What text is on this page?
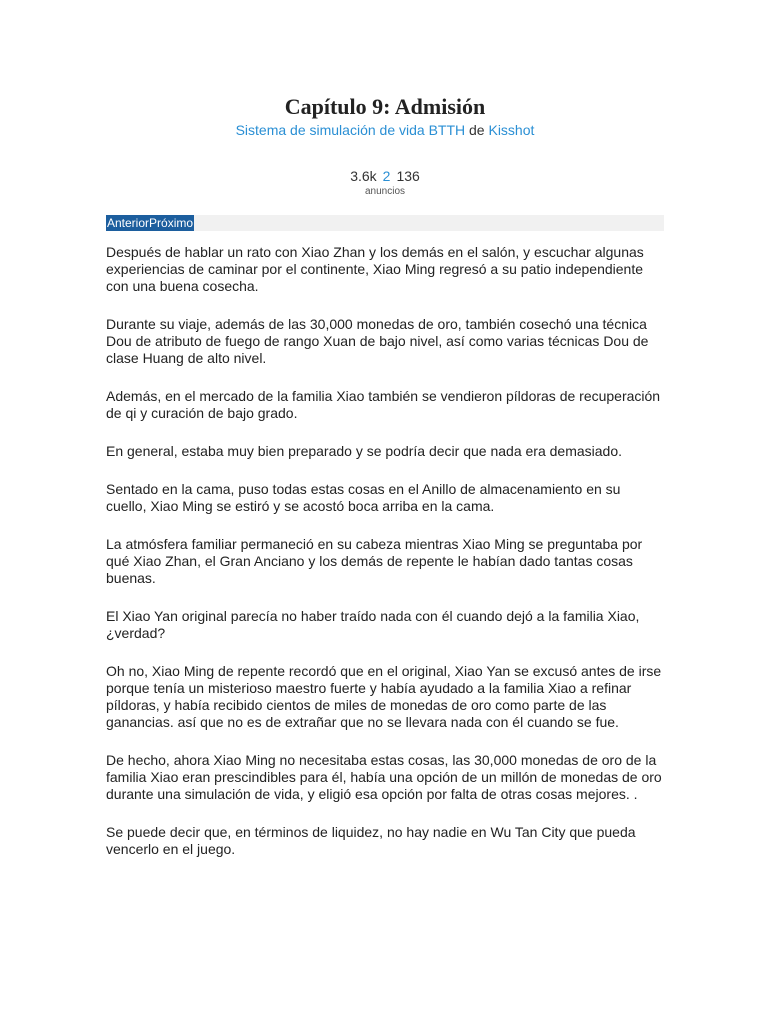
Capítulo 9: Admisión
Sistema de simulación de vida BTTH de Kisshot
3.6k 2 136
anuncios
AnteriorPróximo

Después de hablar un rato con Xiao Zhan y los demás en el salón, y escuchar algunas experiencias de caminar por el continente, Xiao Ming regresó a su patio independiente con una buena cosecha.

Durante su viaje, además de las 30,000 monedas de oro, también cosechó una técnica Dou de atributo de fuego de rango Xuan de bajo nivel, así como varias técnicas Dou de clase Huang de alto nivel.

Además, en el mercado de la familia Xiao también se vendieron píldoras de recuperación de qi y curación de bajo grado.

En general, estaba muy bien preparado y se podría decir que nada era demasiado.

Sentado en la cama, puso todas estas cosas en el Anillo de almacenamiento en su cuello, Xiao Ming se estiró y se acostó boca arriba en la cama.

La atmósfera familiar permaneció en su cabeza mientras Xiao Ming se preguntaba por qué Xiao Zhan, el Gran Anciano y los demás de repente le habían dado tantas cosas buenas.

El Xiao Yan original parecía no haber traído nada con él cuando dejó a la familia Xiao, ¿verdad?

Oh no, Xiao Ming de repente recordó que en el original, Xiao Yan se excusó antes de irse porque tenía un misterioso maestro fuerte y había ayudado a la familia Xiao a refinar píldoras, y había recibido cientos de miles de monedas de oro como parte de las ganancias. así que no es de extrañar que no se llevara nada con él cuando se fue.

De hecho, ahora Xiao Ming no necesitaba estas cosas, las 30,000 monedas de oro de la familia Xiao eran prescindibles para él, había una opción de un millón de monedas de oro durante una simulación de vida, y eligió esa opción por falta de otras cosas mejores. .

Se puede decir que, en términos de liquidez, no hay nadie en Wu Tan City que pueda vencerlo en el juego.
